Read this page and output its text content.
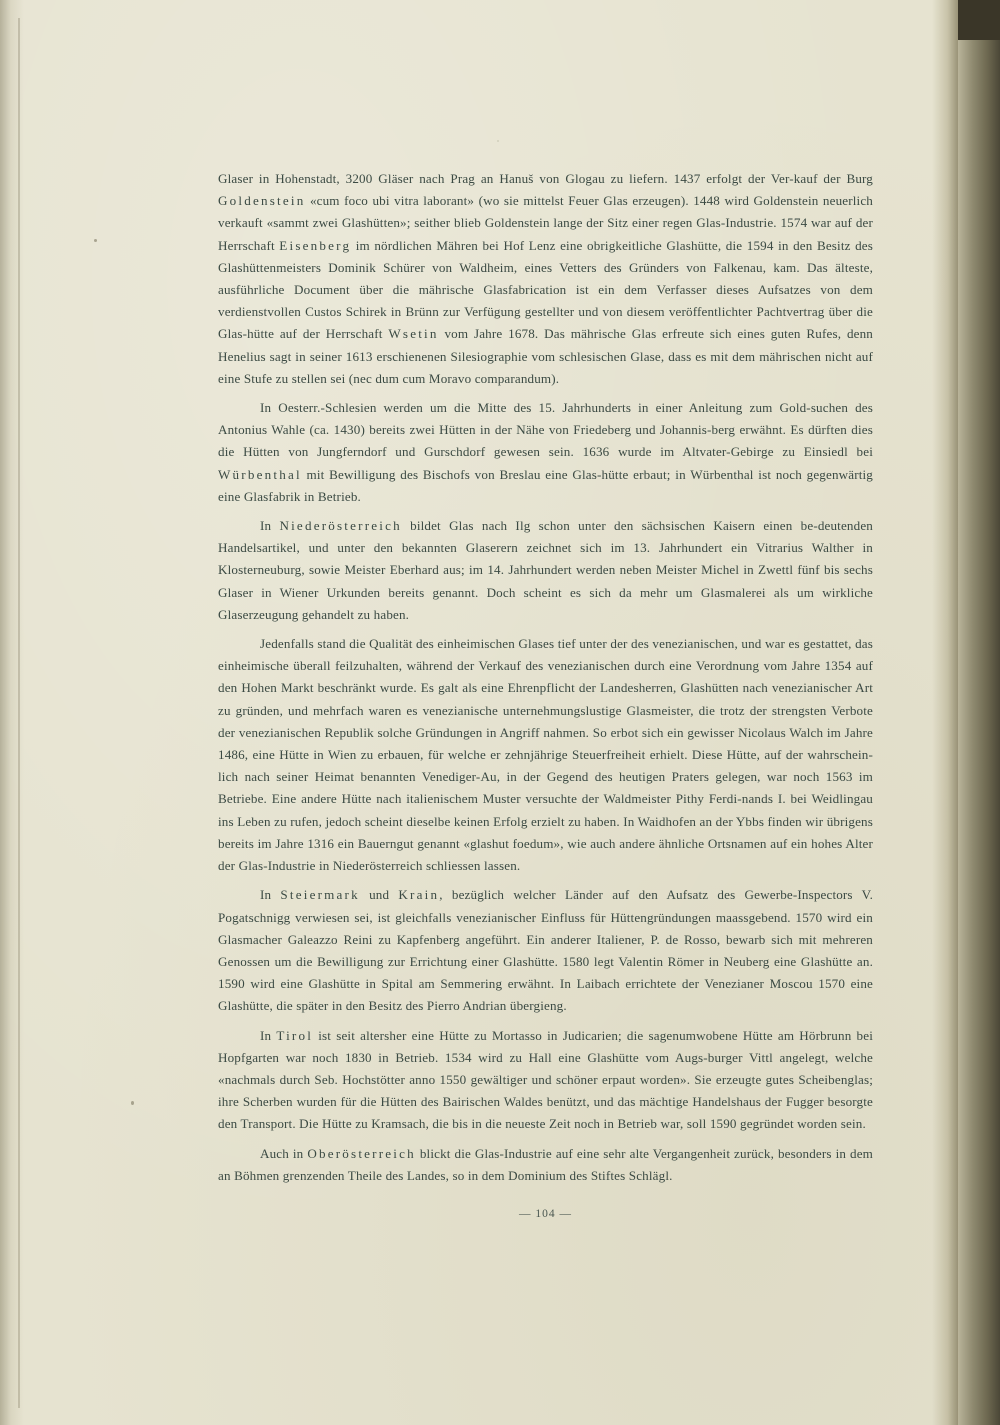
Glaser in Hohenstadt, 3200 Gläser nach Prag an Hanuš von Glogau zu liefern. 1437 erfolgt der Ver-kauf der Burg Goldenstein «cum foco ubi vitra laborant» (wo sie mittelst Feuer Glas erzeugen). 1448 wird Goldenstein neuerlich verkauft «sammt zwei Glashütten»; seither blieb Goldenstein lange der Sitz einer regen Glas-Industrie. 1574 war auf der Herrschaft Eisenberg im nördlichen Mähren bei Hof Lenz eine obrigkeitliche Glashütte, die 1594 in den Besitz des Glashüttenmeisters Dominik Schürer von Waldheim, eines Vetters des Gründers von Falkenau, kam. Das älteste, ausführliche Document über die mährische Glasfabrication ist ein dem Verfasser dieses Aufsatzes von dem verdienstvollen Custos Schirek in Brünn zur Verfügung gestellter und von diesem veröffentlichter Pachtvertrag über die Glas-hütte auf der Herrschaft Wsetin vom Jahre 1678. Das mährische Glas erfreute sich eines guten Rufes, denn Henelius sagt in seiner 1613 erschienenen Silesiographie vom schlesischen Glase, dass es mit dem mährischen nicht auf eine Stufe zu stellen sei (nec dum cum Moravo comparandum).

In Oesterr.-Schlesien werden um die Mitte des 15. Jahrhunderts in einer Anleitung zum Gold-suchen des Antonius Wahle (ca. 1430) bereits zwei Hütten in der Nähe von Friedeberg und Johannis-berg erwähnt. Es dürften dies die Hütten von Jungferndorf und Gurschdorf gewesen sein. 1636 wurde im Altvater-Gebirge zu Einsiedl bei Würbenthal mit Bewilligung des Bischofs von Breslau eine Glas-hütte erbaut; in Würbenthal ist noch gegenwärtig eine Glasfabrik in Betrieb.

In Niederösterreich bildet Glas nach Ilg schon unter den sächsischen Kaisern einen be-deutenden Handelsartikel, und unter den bekannten Glaserern zeichnet sich im 13. Jahrhundert ein Vitrarius Walther in Klosterneuburg, sowie Meister Eberhard aus; im 14. Jahrhundert werden neben Meister Michel in Zwettl fünf bis sechs Glaser in Wiener Urkunden bereits genannt. Doch scheint es sich da mehr um Glasmalerei als um wirkliche Glaserzeugung gehandelt zu haben.

Jedenfalls stand die Qualität des einheimischen Glases tief unter der des venezianischen, und war es gestattet, das einheimische überall feilzuhalten, während der Verkauf des venezianischen durch eine Verordnung vom Jahre 1354 auf den Hohen Markt beschränkt wurde. Es galt als eine Ehrenpflicht der Landesherren, Glashütten nach venezianischer Art zu gründen, und mehrfach waren es venezianische unternehmungslustige Glasmeister, die trotz der strengsten Verbote der venezianischen Republik solche Gründungen in Angriff nahmen. So erbot sich ein gewisser Nicolaus Walch im Jahre 1486, eine Hütte in Wien zu erbauen, für welche er zehnjährige Steuerfreiheit erhielt. Diese Hütte, auf der wahrschein-lich nach seiner Heimat benannten Venediger-Au, in der Gegend des heutigen Praters gelegen, war noch 1563 im Betriebe. Eine andere Hütte nach italienischem Muster versuchte der Waldmeister Pithy Ferdi-nands I. bei Weidlingau ins Leben zu rufen, jedoch scheint dieselbe keinen Erfolg erzielt zu haben. In Waidhofen an der Ybbs finden wir übrigens bereits im Jahre 1316 ein Bauerngut genannt «glashut foedum», wie auch andere ähnliche Ortsnamen auf ein hohes Alter der Glas-Industrie in Niederösterreich schliessen lassen.

In Steiermark und Krain, bezüglich welcher Länder auf den Aufsatz des Gewerbe-Inspectors V. Pogatschnigg verwiesen sei, ist gleichfalls venezianischer Einfluss für Hüttengründungen maassgebend. 1570 wird ein Glasmacher Galeazzo Reini zu Kapfenberg angeführt. Ein anderer Italiener, P. de Rosso, bewarb sich mit mehreren Genossen um die Bewilligung zur Errichtung einer Glashütte. 1580 legt Valentin Römer in Neuberg eine Glashütte an. 1590 wird eine Glashütte in Spital am Semmering erwähnt. In Laibach errichtete der Venezianer Moscou 1570 eine Glashütte, die später in den Besitz des Pierro Andrian übergieng.

In Tirol ist seit altersher eine Hütte zu Mortasso in Judicarien; die sagenumwobene Hütte am Hörbrunn bei Hopfgarten war noch 1830 in Betrieb. 1534 wird zu Hall eine Glashütte vom Augs-burger Vittl angelegt, welche «nachmals durch Seb. Hochstötter anno 1550 gewältiger und schöner erpaut worden». Sie erzeugte gutes Scheibenglas; ihre Scherben wurden für die Hütten des Bairischen Waldes benützt, und das mächtige Handelshaus der Fugger besorgte den Transport. Die Hütte zu Kramsach, die bis in die neueste Zeit noch in Betrieb war, soll 1590 gegründet worden sein.

Auch in Oberösterreich blickt die Glas-Industrie auf eine sehr alte Vergangenheit zurück, besonders in dem an Böhmen grenzenden Theile des Landes, so in dem Dominium des Stiftes Schlägl.

— 104 —
